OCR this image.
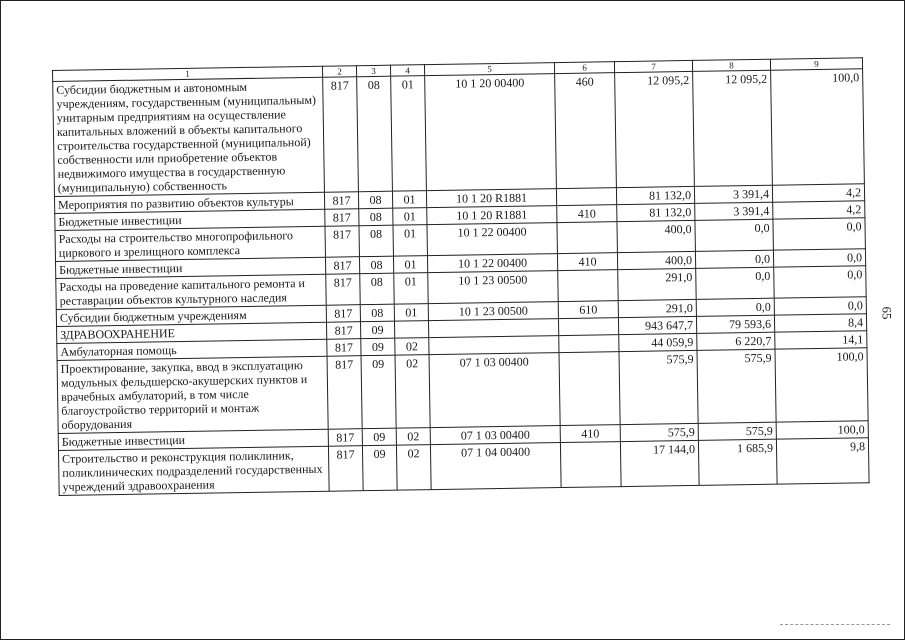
1	2	3	4	5	6	7	8	9
Субсидии бюджетным и автономным учреждениям, государственным (муниципальным) унитарным предприятиям на осуществление капитальных вложений в объекты капитального строительства государственной (муниципальной) собственности или приобретение объектов недвижимого имущества в государственную (муниципальную) собственность	817	08	01	10 1 20 00400	460	12 095,2	12 095,2	100,0
Мероприятия по развитию объектов культуры	817	08	01	10 1 20 R1881		81 132,0	3 391,4	4,2
Бюджетные инвестиции	817	08	01	10 1 20 R1881	410	81 132,0	3 391,4	4,2
Расходы на строительство многопрофильного циркового и зрелищного комплекса	817	08	01	10 1 22 00400		400,0	0,0	0,0
Бюджетные инвестиции	817	08	01	10 1 22 00400	410	400,0	0,0	0,0
Расходы на проведение капитального ремонта и реставрации объектов культурного наследия	817	08	01	10 1 23 00500		291,0	0,0	0,0
Субсидии бюджетным учреждениям	817	08	01	10 1 23 00500	610	291,0	0,0	0,0
ЗДРАВООХРАНЕНИЕ	817	09				943 647,7	79 593,6	8,4
Амбулаторная помощь	817	09	02			44 059,9	6 220,7	14,1
Проектирование, закупка, ввод в эксплуатацию модульных фельдшерско-акушерских пунктов и врачебных амбулаторий, в том числе благоустройство территорий и монтаж оборудования	817	09	02	07 1 03 00400		575,9	575,9	100,0
Бюджетные инвестиции	817	09	02	07 1 03 00400	410	575,9	575,9	100,0
Строительство и реконструкция поликлиник, поликлинических подразделений государственных учреждений здравоохранения	817	09	02	07 1 04 00400		17 144,0	1 685,9	9,8
65
